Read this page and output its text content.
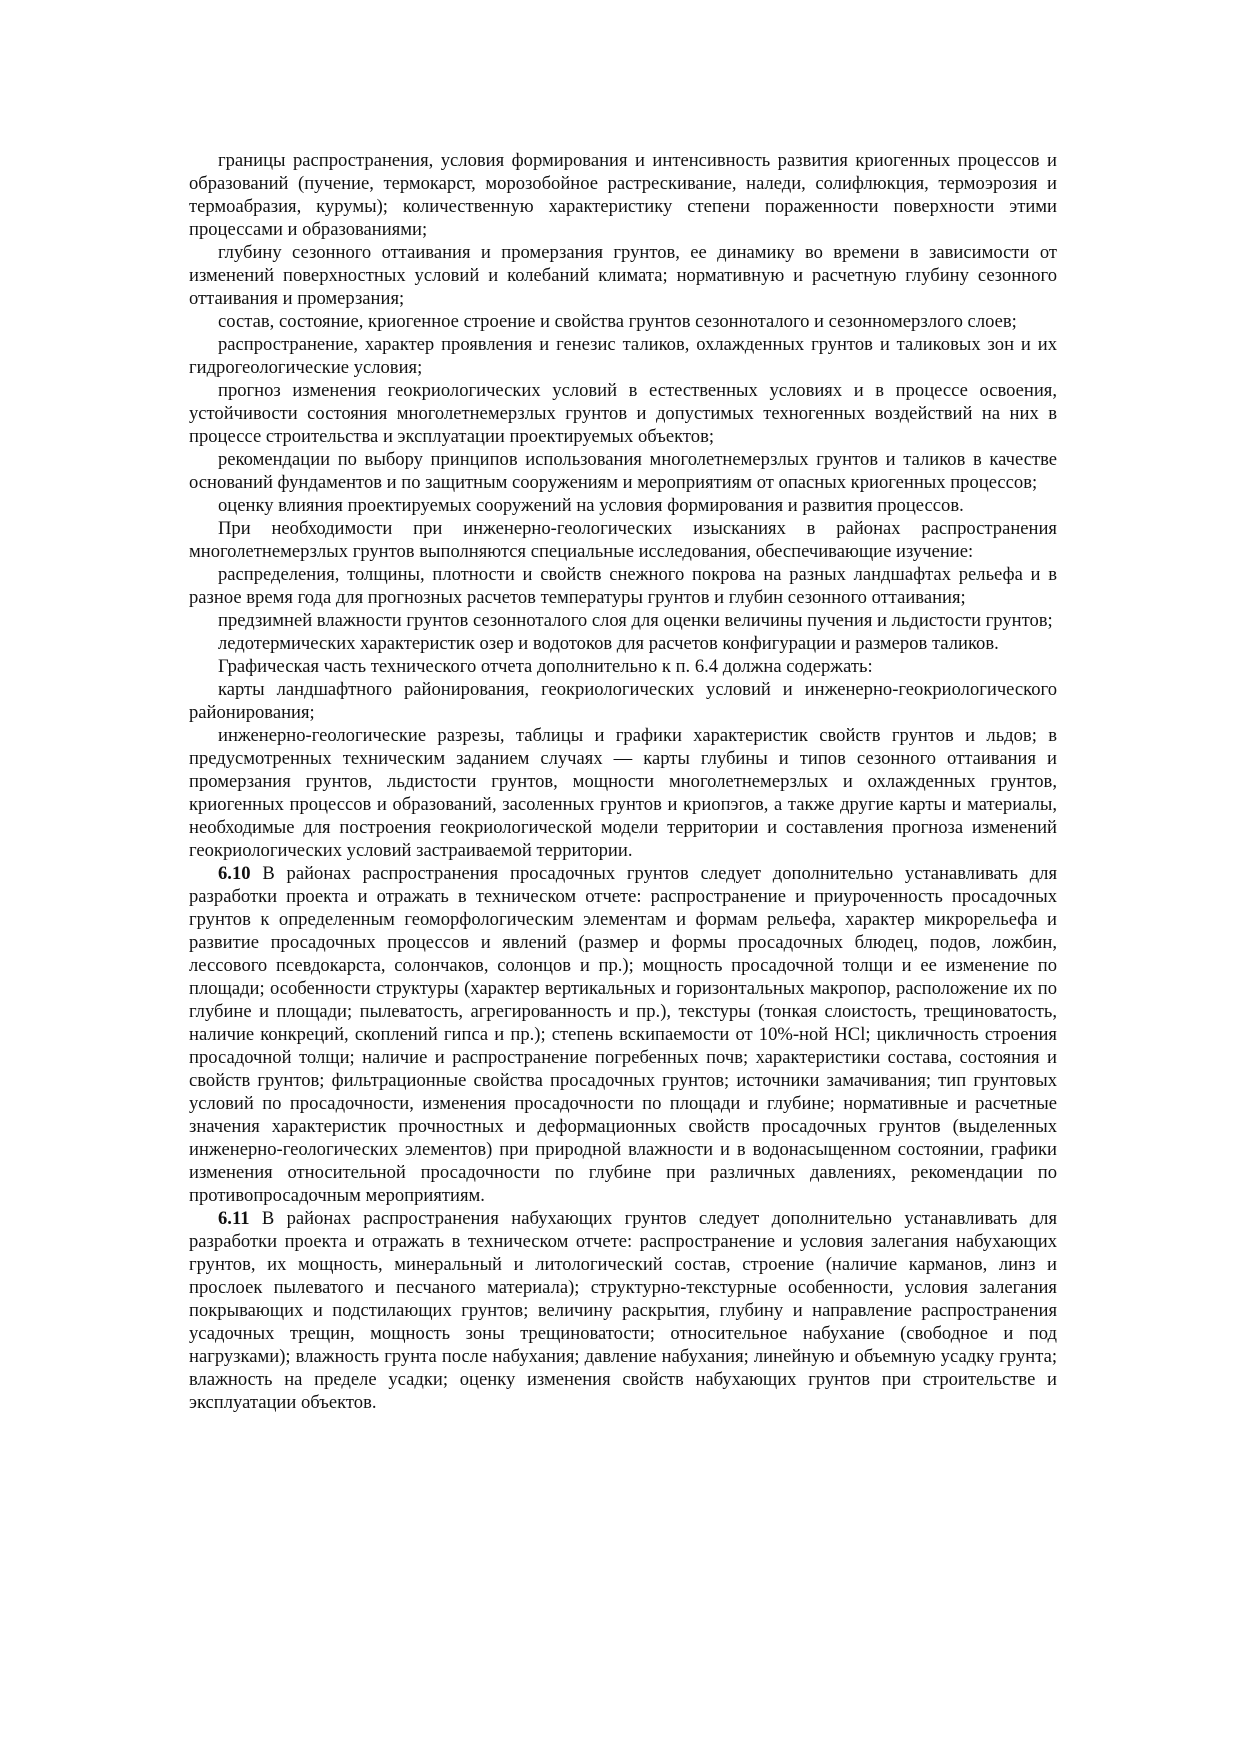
границы распространения, условия формирования и интенсивность развития криогенных процессов и образований (пучение, термокарст, морозобойное растрескивание, наледи, солифлюкция, термоэрозия и термоабразия, курумы); количественную характеристику степени пораженности поверхности этими процессами и образованиями;

глубину сезонного оттаивания и промерзания грунтов, ее динамику во времени в зависимости от изменений поверхностных условий и колебаний климата; нормативную и расчетную глубину сезонного оттаивания и промерзания;

состав, состояние, криогенное строение и свойства грунтов сезонноталого и сезонномерзлого слоев;

распространение, характер проявления и генезис таликов, охлажденных грунтов и таликовых зон и их гидрогеологические условия;

прогноз изменения геокриологических условий в естественных условиях и в процессе освоения, устойчивости состояния многолетнемерзлых грунтов и допустимых техногенных воздействий на них в процессе строительства и эксплуатации проектируемых объектов;

рекомендации по выбору принципов использования многолетнемерзлых грунтов и таликов в качестве оснований фундаментов и по защитным сооружениям и мероприятиям от опасных криогенных процессов;

оценку влияния проектируемых сооружений на условия формирования и развития процессов.

При необходимости при инженерно-геологических изысканиях в районах распространения многолетнемерзлых грунтов выполняются специальные исследования, обеспечивающие изучение:

распределения, толщины, плотности и свойств снежного покрова на разных ландшафтах рельефа и в разное время года для прогнозных расчетов температуры грунтов и глубин сезонного оттаивания;

предзимней влажности грунтов сезонноталого слоя для оценки величины пучения и льдистости грунтов;

ледотермических характеристик озер и водотоков для расчетов конфигурации и размеров таликов.

Графическая часть технического отчета дополнительно к п. 6.4 должна содержать:

карты ландшафтного районирования, геокриологических условий и инженерно-геокриологического районирования;

инженерно-геологические разрезы, таблицы и графики характеристик свойств грунтов и льдов; в предусмотренных техническим заданием случаях — карты глубины и типов сезонного оттаивания и промерзания грунтов, льдистости грунтов, мощности многолетнемерзлых и охлажденных грунтов, криогенных процессов и образований, засоленных грунтов и криопэгов, а также другие карты и материалы, необходимые для построения геокриологической модели территории и составления прогноза изменений геокриологических условий застраиваемой территории.

6.10 В районах распространения просадочных грунтов следует дополнительно устанавливать для разработки проекта и отражать в техническом отчете: распространение и приуроченность просадочных грунтов к определенным геоморфологическим элементам и формам рельефа, характер микрорельефа и развитие просадочных процессов и явлений (размер и формы просадочных блюдец, подов, ложбин, лессового псевдокарста, солончаков, солонцов и пр.); мощность просадочной толщи и ее изменение по площади; особенности структуры (характер вертикальных и горизонтальных макропор, расположение их по глубине и площади; пылеватость, агрегированность и пр.), текстуры (тонкая слоистость, трещиноватость, наличие конкреций, скоплений гипса и пр.); степень вскипаемости от 10%-ной HCl; цикличность строения просадочной толщи; наличие и распространение погребенных почв; характеристики состава, состояния и свойств грунтов; фильтрационные свойства просадочных грунтов; источники замачивания; тип грунтовых условий по просадочности, изменения просадочности по площади и глубине; нормативные и расчетные значения характеристик прочностных и деформационных свойств просадочных грунтов (выделенных инженерно-геологических элементов) при природной влажности и в водонасыщенном состоянии, графики изменения относительной просадочности по глубине при различных давлениях, рекомендации по противопросадочным мероприятиям.

6.11 В районах распространения набухающих грунтов следует дополнительно устанавливать для разработки проекта и отражать в техническом отчете: распространение и условия залегания набухающих грунтов, их мощность, минеральный и литологический состав, строение (наличие карманов, линз и прослоек пылеватого и песчаного материала); структурно-текстурные особенности, условия залегания покрывающих и подстилающих грунтов; величину раскрытия, глубину и направление распространения усадочных трещин, мощность зоны трещиноватости; относительное набухание (свободное и под нагрузками); влажность грунта после набухания; давление набухания; линейную и объемную усадку грунта; влажность на пределе усадки; оценку изменения свойств набухающих грунтов при строительстве и эксплуатации объектов.
